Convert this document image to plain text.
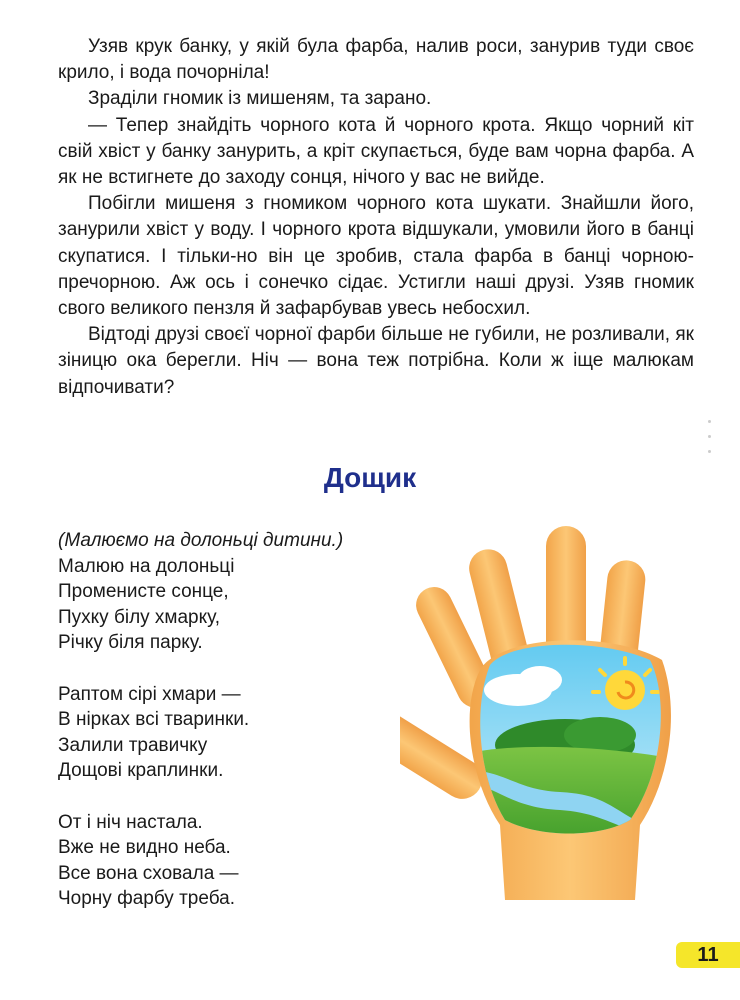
Узяв крук банку, у якій була фарба, налив роси, занурив туди своє крило, і вода почорніла!

Зраділи гномик із мишеням, та зарано.

— Тепер знайдіть чорного кота й чорного крота. Якщо чорний кіт свій хвіст у банку занурить, а кріт скупається, буде вам чорна фарба. А як не встигнете до заходу сонця, нічого у вас не вийде.

Побігли мишеня з гномиком чорного кота шукати. Знайшли його, занурили хвіст у воду. І чорного крота відшукали, умовили його в банці скупатися. І тільки-но він це зробив, стала фарба в банці чорною-пречорною. Аж ось і сонечко сідає. Устигли наші друзі. Узяв гномик свого великого пензля й зафарбував увесь небосхил.

Відтоді друзі своєї чорної фарби більше не губили, не розливали, як зіницю ока берегли. Ніч — вона теж потрібна. Коли ж іще малюкам відпочивати?

Дощик
(Малюємо на долоньці дитини.)
Малюю на долоньці
Променисте сонце,
Пухку білу хмарку,
Річку біля парку.
Раптом сірі хмари —
В нірках всі тваринки.
Залили травичку
Дощові краплинки.
От і ніч настала.
Вже не видно неба.
Все вона сховала —
Чорну фарбу треба.
11
